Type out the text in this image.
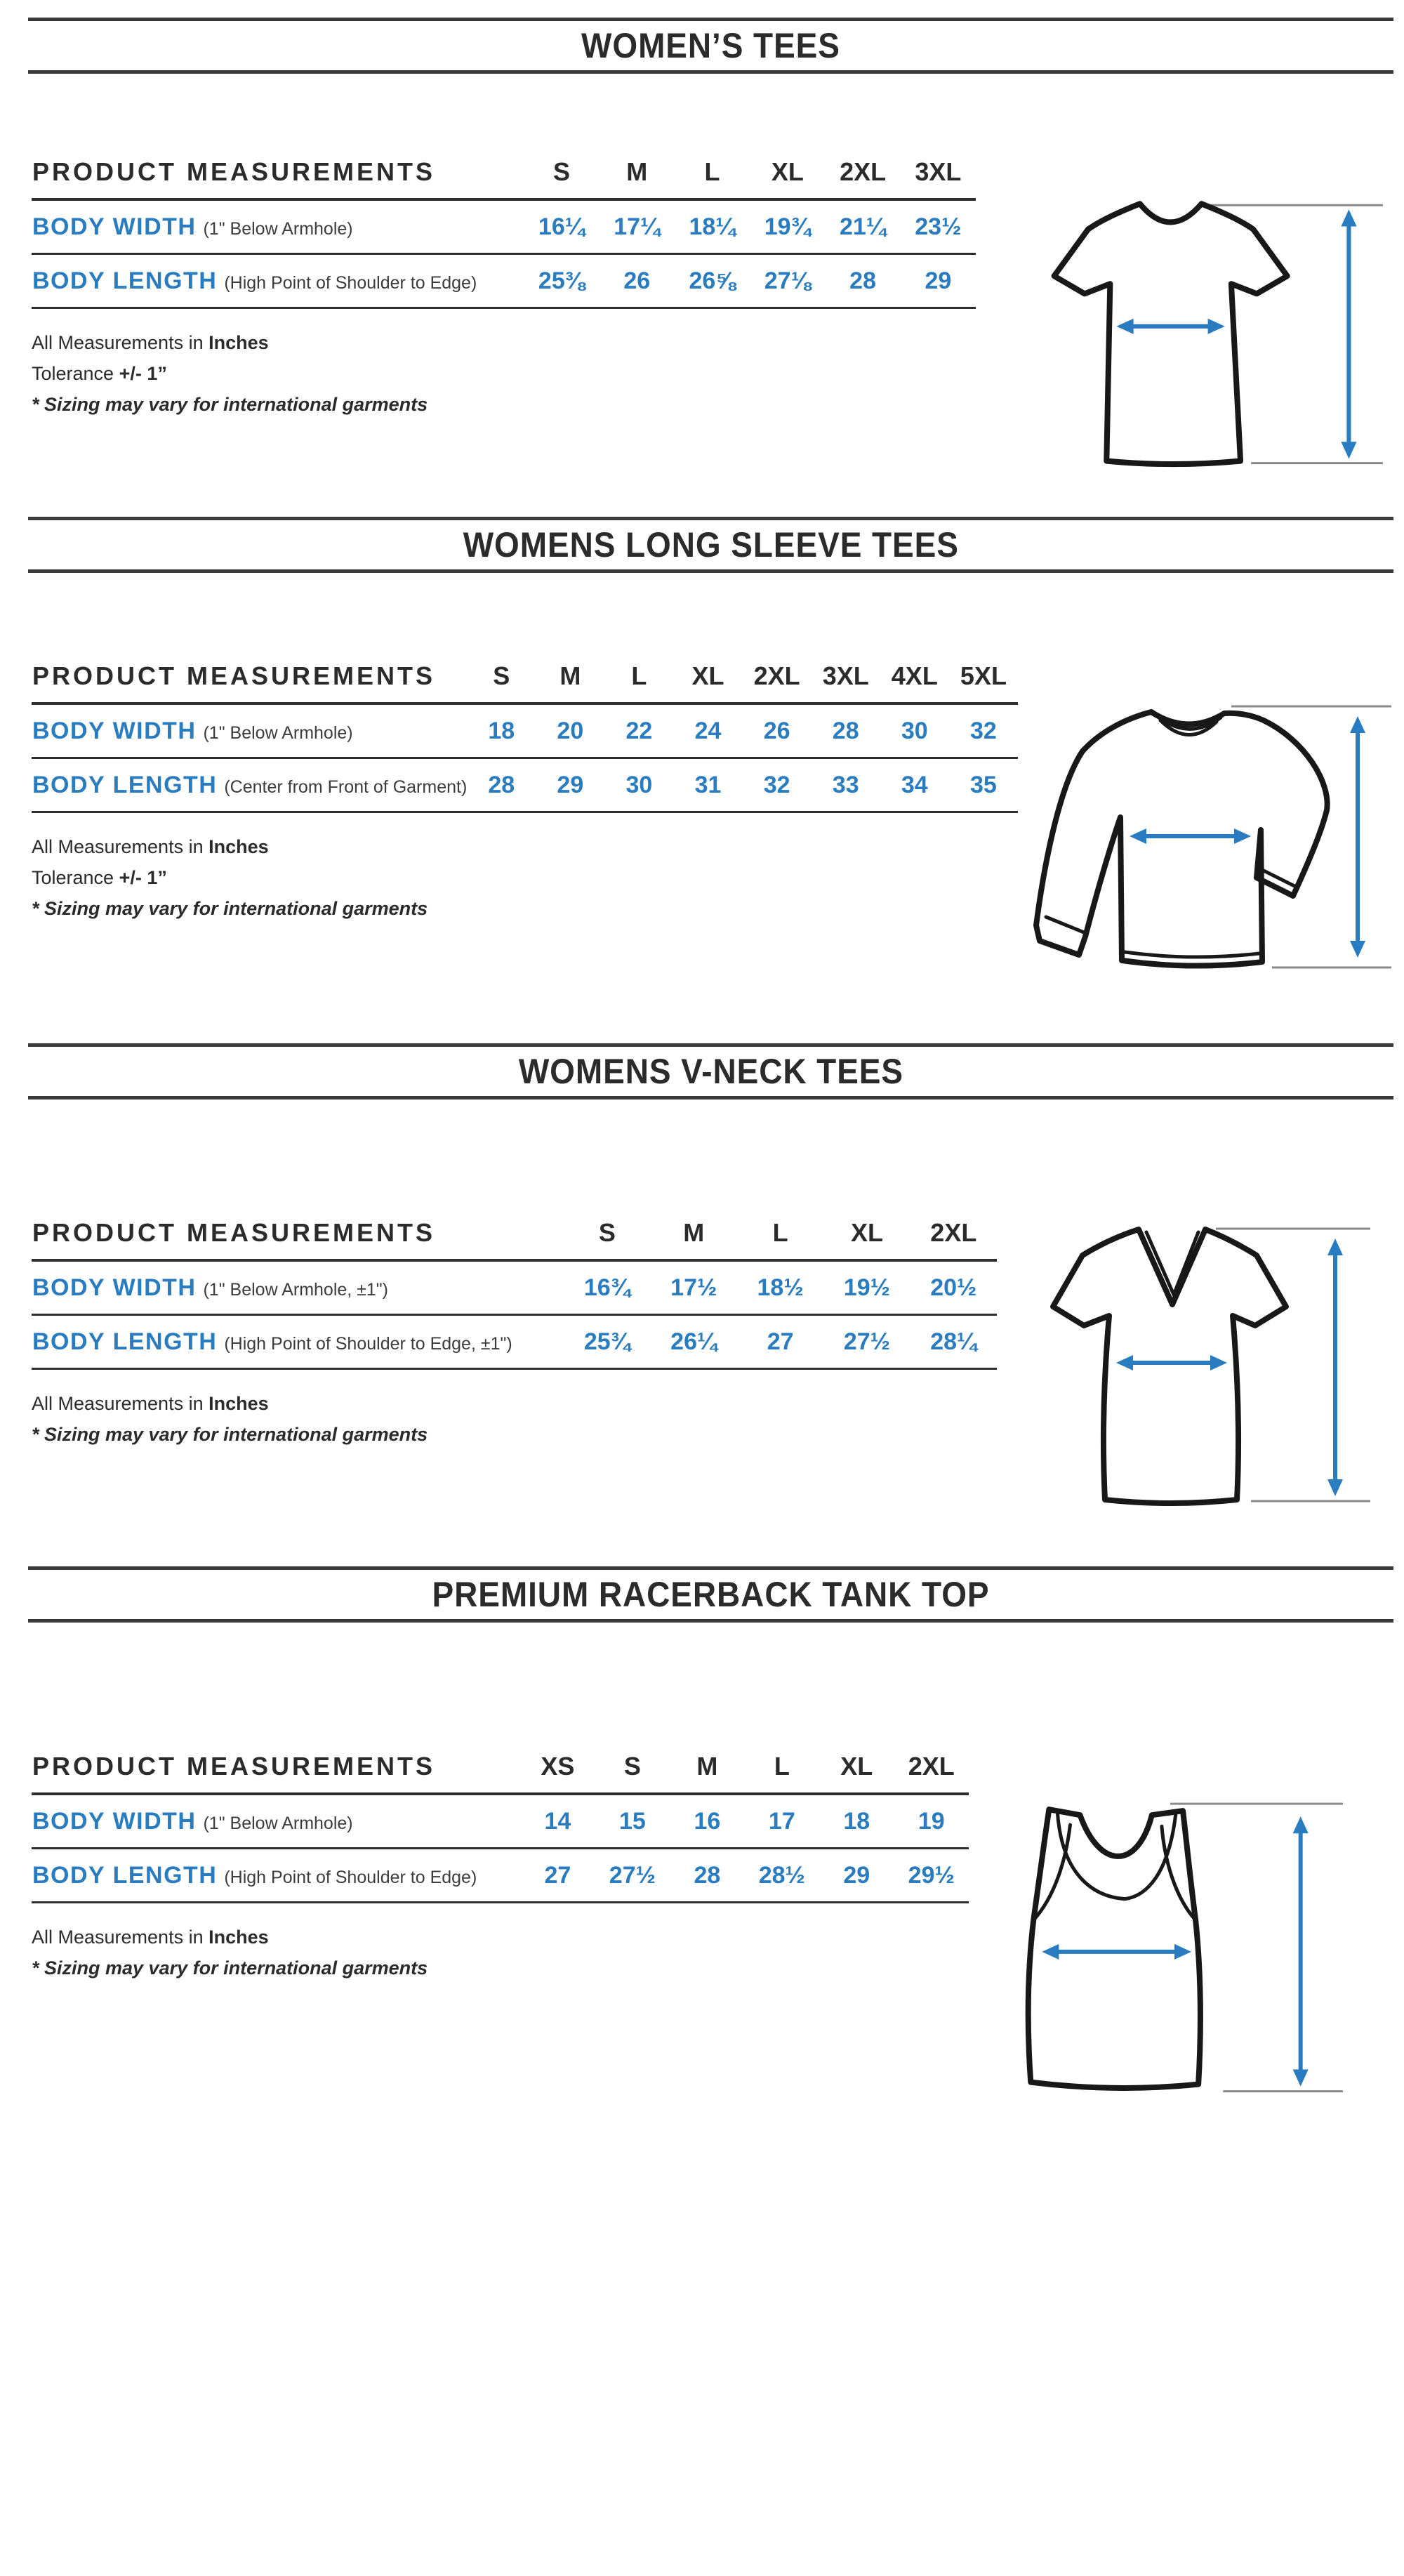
WOMEN’S TEES
PRODUCT MEASUREMENTS	S	M	L	XL	2XL	3XL
BODY WIDTH (1" Below Armhole)	16¼	17¼	18¼	19¾	21¼	23½
BODY LENGTH (High Point of Shoulder to Edge)	25⅜	26	26⅝	27⅛	28	29
All Measurements in Inches
Tolerance +/- 1”
* Sizing may vary for international garments
WOMENS LONG SLEEVE TEES
PRODUCT MEASUREMENTS	S	M	L	XL	2XL	3XL	4XL	5XL
BODY WIDTH (1" Below Armhole)	18	20	22	24	26	28	30	32
BODY LENGTH (Center from Front of Garment)	28	29	30	31	32	33	34	35
All Measurements in Inches
Tolerance +/- 1”
* Sizing may vary for international garments
WOMENS V-NECK TEES
PRODUCT MEASUREMENTS	S	M	L	XL	2XL
BODY WIDTH (1" Below Armhole, ±1")	16¾	17½	18½	19½	20½
BODY LENGTH (High Point of Shoulder to Edge, ±1")	25¾	26¼	27	27½	28¼
All Measurements in Inches
* Sizing may vary for international garments
PREMIUM RACERBACK TANK TOP
PRODUCT MEASUREMENTS	XS	S	M	L	XL	2XL
BODY WIDTH (1" Below Armhole)	14	15	16	17	18	19
BODY LENGTH (High Point of Shoulder to Edge)	27	27½	28	28½	29	29½
All Measurements in Inches
* Sizing may vary for international garments
